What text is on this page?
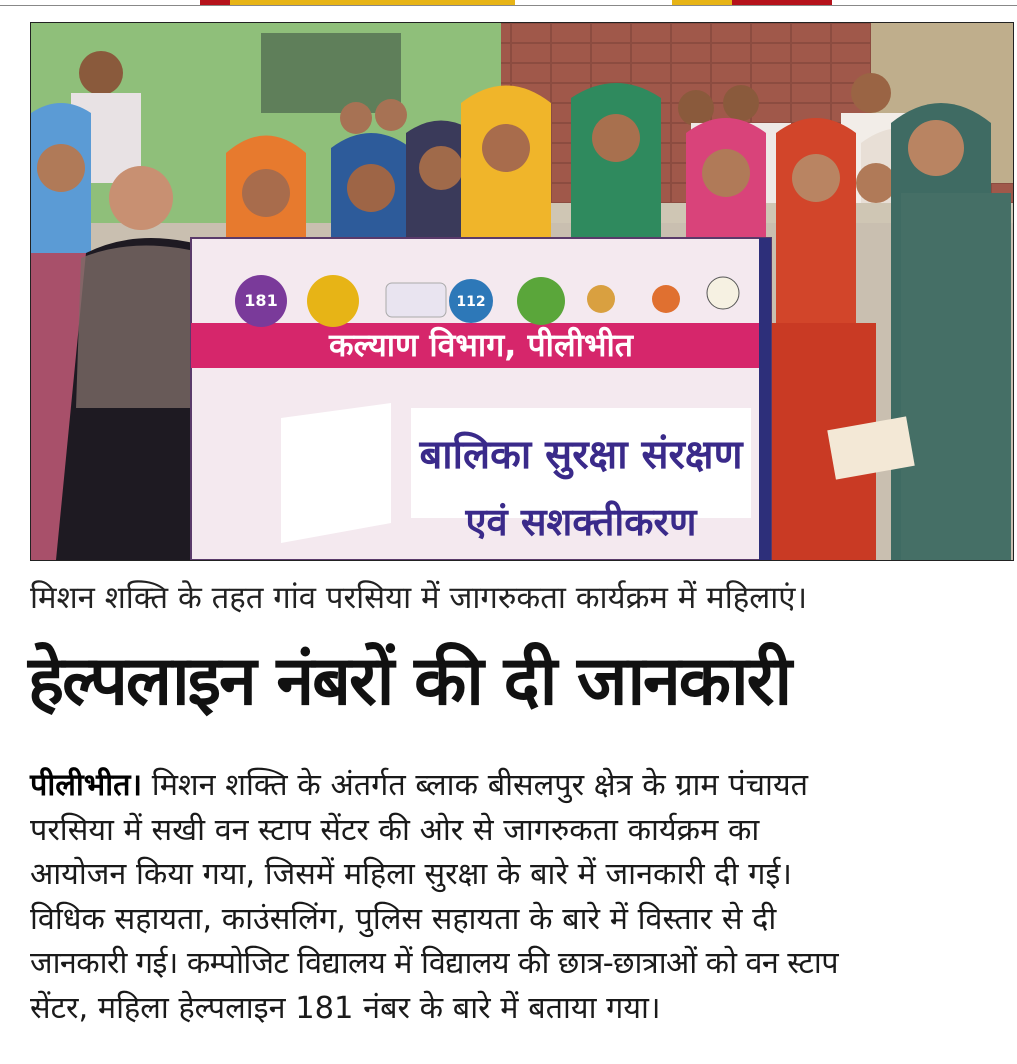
181	112
कल्याण विभाग, पीलीभीत
बालिका सुरक्षा संरक्षण
एवं सशक्तीकरण
मिशन शक्ति के तहत गांव परसिया में जागरुकता कार्यक्रम में महिलाएं।
हेल्पलाइन नंबरों की दी जानकारी
पीलीभीत। मिशन शक्ति के अंतर्गत ब्लाक बीसलपुर क्षेत्र के ग्राम पंचायत
परसिया में सखी वन स्टाप सेंटर की ओर से जागरुकता कार्यक्रम का
आयोजन किया गया, जिसमें महिला सुरक्षा के बारे में जानकारी दी गई।
विधिक सहायता, काउंसलिंग, पुलिस सहायता के बारे में विस्तार से दी
जानकारी गई। कम्पोजिट विद्यालय में विद्यालय की छात्र-छात्राओं को वन स्टाप
सेंटर, महिला हेल्पलाइन 181 नंबर के बारे में बताया गया।
